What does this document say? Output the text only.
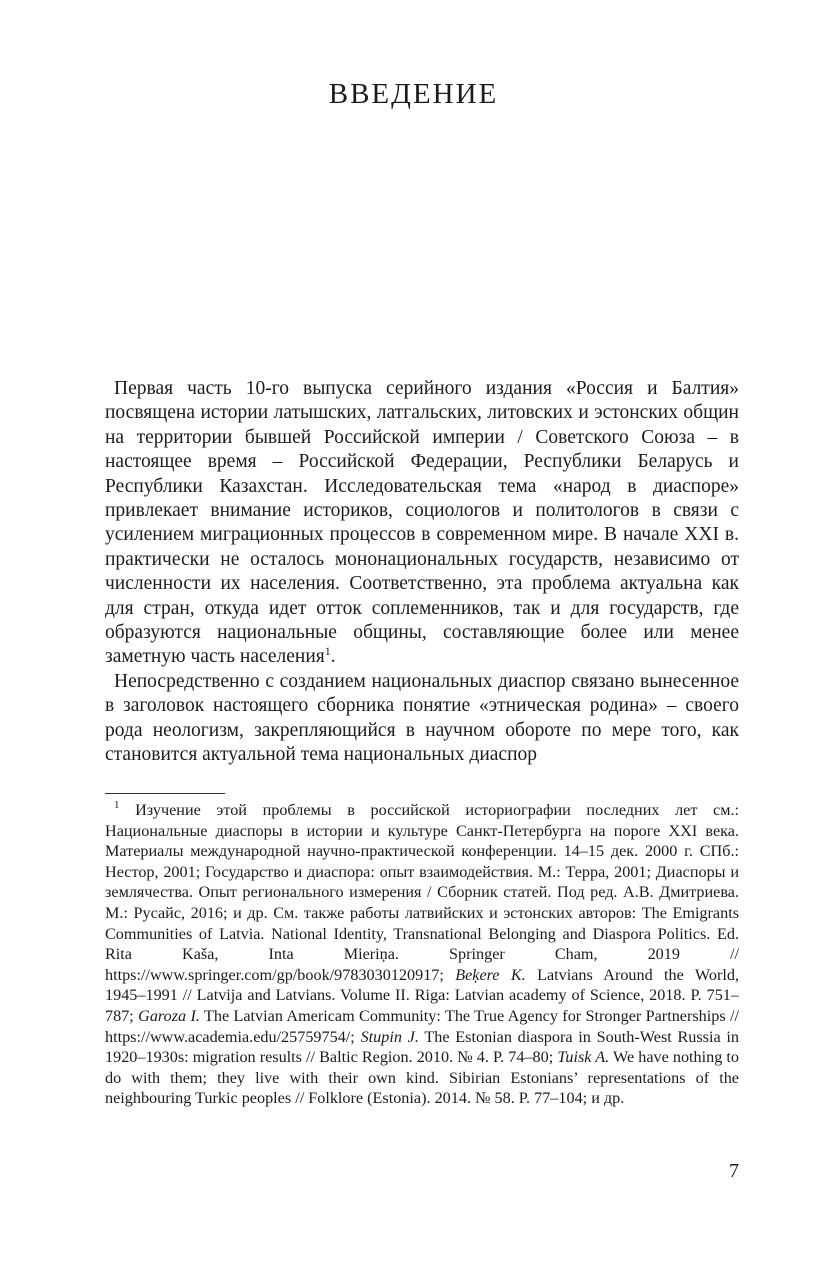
ВВЕДЕНИЕ

Первая часть 10-го выпуска серийного издания «Россия и Балтия» посвящена истории латышских, латгальских, литовских и эстонских общин на территории бывшей Российской империи / Советского Союза – в настоящее время – Российской Федерации, Республики Беларусь и Республики Казахстан. Исследовательская тема «народ в диаспоре» привлекает внимание историков, социологов и политологов в связи с усилением миграционных процессов в современном мире. В начале XXI в. практически не осталось мононациональных государств, независимо от численности их населения. Соответственно, эта проблема актуальна как для стран, откуда идет отток соплеменников, так и для государств, где образуются национальные общины, составляющие более или менее заметную часть населения$^1$.

Непосредственно с созданием национальных диаспор связано вынесенное в заголовок настоящего сборника понятие «этническая родина» – своего рода неологизм, закрепляющийся в научном обороте по мере того, как становится актуальной тема национальных диаспор

$^1$ Изучение этой проблемы в российской историографии последних лет см.: Национальные диаспоры в истории и культуре Санкт-Петербурга на пороге XXI века. Материалы международной научно-практической конференции. 14–15 дек. 2000 г. СПб.: Нестор, 2001; Государство и диаспора: опыт взаимодействия. М.: Терра, 2001; Диаспоры и землячества. Опыт регионального измерения / Сборник статей. Под ред. А.В. Дмитриева. М.: Русайс, 2016; и др. См. также работы латвийских и эстонских авторов: The Emigrants Communities of Latvia. National Identity, Transnational Belonging and Diaspora Politics. Ed. Rita Kaša, Inta Mieriņa. Springer Cham, 2019 // https://www.springer.com/gp/book/9783030120917; Beķere K. Latvians Around the World, 1945–1991 // Latvija and Latvians. Volume II. Riga: Latvian academy of Science, 2018. P. 751–787; Garoza I. The Latvian Americam Community: The True Agency for Stronger Partnerships // https://www.academia.edu/25759754/; Stupin J. The Estonian diaspora in South-West Russia in 1920–1930s: migration results // Baltic Region. 2010. № 4. P. 74–80; Tuisk A. We have nothing to do with them; they live with their own kind. Sibirian Estonians’ representations of the neighbouring Turkic peoples // Folklore (Estonia). 2014. № 58. P. 77–104; и др.

7
